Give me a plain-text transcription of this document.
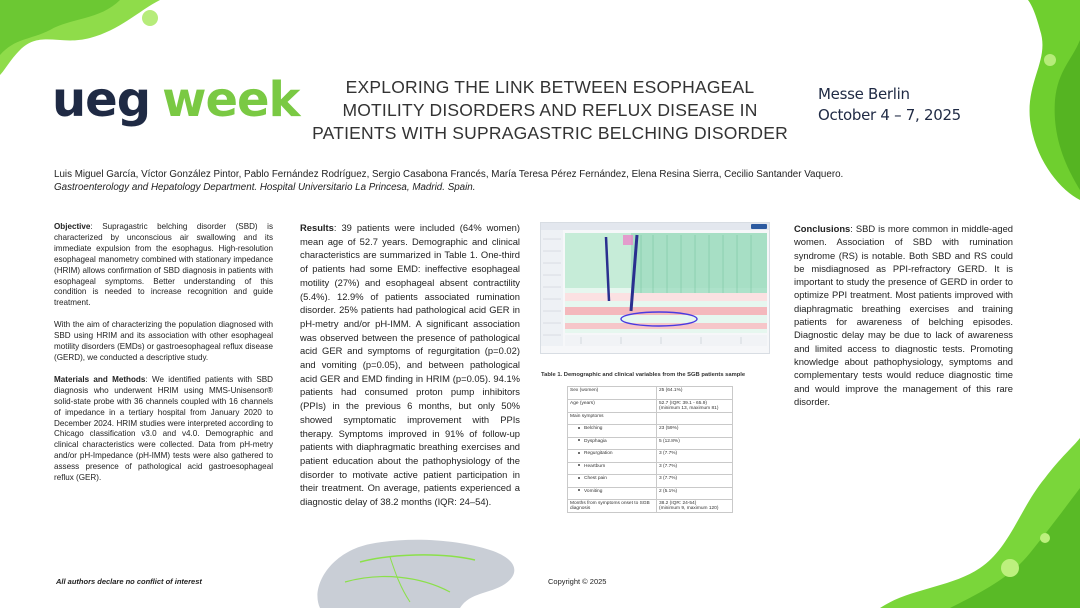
ueg week	EXPLORING THE LINK BETWEEN ESOPHAGEAL
MOTILITY DISORDERS AND REFLUX DISEASE IN
PATIENTS WITH SUPRAGASTRIC BELCHING DISORDER
Messe Berlin
October 4 – 7, 2025
Luis Miguel García, Víctor González Pintor, Pablo Fernández Rodríguez, Sergio Casabona Francés, María Teresa Pérez Fernández, Elena Resina Sierra, Cecilio Santander Vaquero.
Gastroenterology and Hepatology Department. Hospital Universitario La Princesa, Madrid. Spain.

Objective: Supragastric belching disorder (SBD) is characterized by unconscious air swallowing and its immediate expulsion from the esophagus. High-resolution esophageal manometry combined with stationary impedance (HRIM) allows confirmation of SBD diagnosis in patients with esophageal symptoms. Better understanding of this condition is needed to increase recognition and guide treatment.

With the aim of characterizing the population diagnosed with SBD using HRIM and its association with other esophageal motility disorders (EMDs) or gastroesophageal reflux disease (GERD), we conducted a descriptive study.

Materials and Methods: We identified patients with SBD diagnosis who underwent HRIM using MMS-Unisensor® solid-state probe with 36 channels coupled with 16 channels of impedance in a tertiary hospital from January 2020 to December 2024. HRIM studies were interpreted according to Chicago classification v3.0 and v4.0. Demographic and clinical characteristics were collected. Data from pH-metry and/or pH-Impedance (pH-IMM) tests were also gathered to assess presence of pathological acid gastroesophageal reflux (GER).

Results: 39 patients were included (64% women) mean age of 52.7 years. Demographic and clinical characteristics are summarized in Table 1. One-third of patients had some EMD: ineffective esophageal motility (27%) and esophageal absent contractility (5.4%). 12.9% of patients associated rumination disorder. 25% patients had pathological acid GER in pH-metry and/or pH-IMM. A significant association was observed between the presence of pathological acid GER and symptoms of regurgitation (p=0.02) and vomiting (p=0.05), and between pathological acid GER and EMD finding in HRIM (p=0.05). 94.1% patients had consumed proton pump inhibitors (PPIs) in the previous 6 months, but only 50% showed symptomatic improvement with PPIs therapy. Symptoms improved in 91% of follow-up patients with diaphragmatic breathing exercises and patient education about the pathophysiology of the disorder to motivate active patient participation in their treatment. On average, patients experienced a diagnostic delay of 38.2 months (IQR: 24–54).

Table 1. Demographic and clinical variables from the SGB patients sample
Sex (women)	25 (64.1%)
Age (years)	52.7 (IQR: 39.1 - 65.9)
(minimum 13, maximum 81)
Main symptoms	
Belching	23 (59%)
Dysphagia	5 (12.8%)
Regurgitation	3 (7.7%)
Heartburn	3 (7.7%)
Chest pain	3 (7.7%)
Vomiting	2 (5.1%)
Months from symptoms onset to SGB diagnosis	38.2 (IQR: 24-54)
(minimum 9, maximum 120)

Conclusions: SBD is more common in middle-aged women. Association of SBD with rumination syndrome (RS) is notable. Both SBD and RS could be misdiagnosed as PPI-refractory GERD. It is important to study the presence of GERD in order to optimize PPI treatment. Most patients improved with diaphragmatic breathing exercises and training patients for awareness of belching episodes. Diagnostic delay may be due to lack of awareness and limited access to diagnostic tests. Promoting knowledge about pathophysiology, symptoms and complementary tests would reduce diagnostic time and would improve the management of this rare disorder.

All authors declare no conflict of interest	Copyright © 2025
